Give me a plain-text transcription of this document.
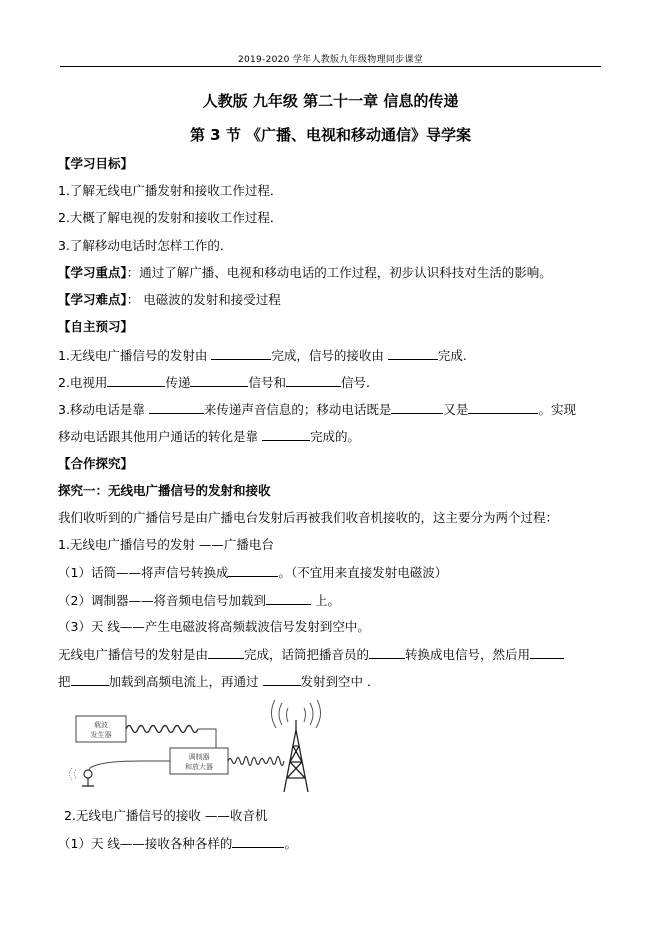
2019-2020 学年人教版九年级物理同步课堂
人教版 九年级 第二十一章 信息的传递
第 3 节 《广播、电视和移动通信》导学案
【学习目标】
1.了解无线电广播发射和接收工作过程．
2.大概了解电视的发射和接收工作过程．
3.了解移动电话时怎样工作的．
【学习重点】：通过了解广播、电视和移动电话的工作过程，初步认识科技对生活的影响。
【学习难点】： 电磁波的发射和接受过程
【自主预习】
1.无线电广播信号的发射由	完成，信号的接收由	完成.
2.电视用	传递	信号和	信号.
3.移动电话是靠	来传递声音信息的；移动电话既是	又是	。实现
移动电话跟其他用户通话的转化是靠	完成的。
【合作探究】
探究一：无线电广播信号的发射和接收
我们收听到的广播信号是由广播电台发射后再被我们收音机接收的，这主要分为两个过程：
1.无线电广播信号的发射 ——广播电台
（1）话筒——将声信号转换成	。（不宜用来直接发射电磁波）
（2）调制器——将音频电信号加载到	上。
（3）天 线——产生电磁波将高频载波信号发射到空中。
无线电广播信号的发射是由	完成，话筒把播音员的	转换成电信号，然后用
把	加载到高频电流上，再通过	发射到空中 ．
载波
发生器
调制器
和放大器
2.无线电广播信号的接收 ——收音机
（1）天 线——接收各种各样的	。
